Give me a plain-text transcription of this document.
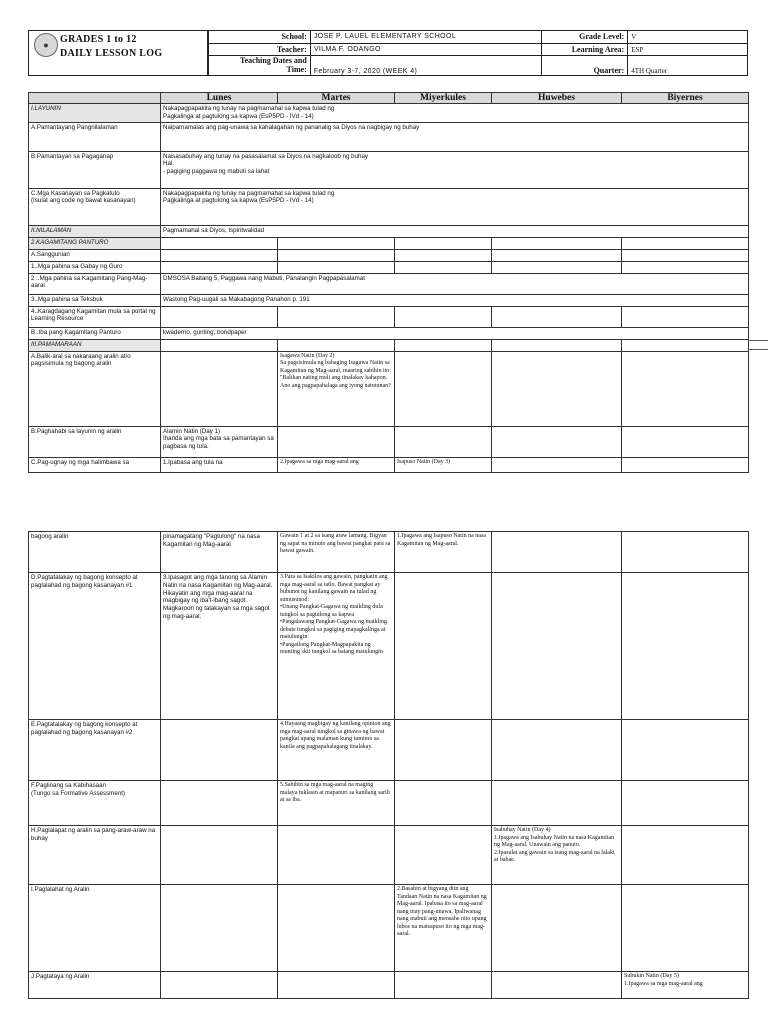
●	GRADES 1 to 12
DAILY LESSON LOG
School:	JOSE P. LAUEL ELEMENTARY SCHOOL	Grade Level:	V
Teacher:	VILMA F. ODANGO	Learning Area:	ESP
Teaching Dates and
Time:	February 3-7, 2020 (WEEK 4)	Quarter:	4TH Quarter
	Lunes	Martes	Miyerkules	Huwebes	Biyernes
I.LAYUNIN	Nakapagpapakita ng tunay na pagmamahal sa kapwa tulad ng
Pagkalinga at pagtulong sa kapwa (EsP5PD - IVd - 14)				
A.Pamantayang Pangnilalaman	Naipamamalas ang pag-unawa sa kahalagahan ng pananalig sa Diyos na nagbigay ng buhay				
B.Pamantayan sa Pagaganap	Naisasabuhay ang tunay na pasasalamat sa Diyos na nagkaloob ng buhay
Hal.
- pagiging paggawa ng mabuti sa lahat				
C.Mga Kasanayan sa Pagkatuto
(Isulat ang code ng bawat kasanayan)	Nakapagpapakita ng tunay na pagmamahal sa kapwa tulad ng
Pagkalinga at pagtulong sa kapwa (EsP5PD - IVd - 14)				
II.NILALAMAN	Pagmamahal sa Diyos, Ispiritwalidad				
2.KAGAMITANG PANTURO					
A.Sanggunian					
1..Mga pahina sa Gabay ng Guro					
2 ..Mga pahina sa Kagamitang Pang-Mag-aaral	DMSOSA Baitang 5, Paggawa nang Mabuti, Panalangin Pagpapasalamat				
3..Mga pahina sa Teksbuk	Wastong Pag-uugali sa Makabagong Panahon p. 191				
4..Karagdagang Kagamitan mula sa portal ng Learning Resource					
B..Iba pang Kagamitang Panturo	kwaderno, gunting, bondpaper				
III.PAMAMARAAN					
A.Balik-aral sa nakaraang aralin at/o pagsisimula ng bagong aralin		Isagawa Natin (Day 2)
Sa pagsisimula ng bahaging Isagawa Natin sa Kagamitan ng Mag-aaral, maaring sabihin ito: "Balikan nating muli ang tinalakay kahapon. Ano ang pagpapahalaga ang iyong natutunan?			
B.Paghahabi sa layunin ng aralin	Alamin Natin (Day 1)
Ihanda ang mga bata sa pamantayan sa pagbasa ng tula.				
C.Pag-ugnay ng mga halimbawa sa	1.Ipabasa ang tula na	2.Ipagawa sa mga mag-aaral ang	Isapuso Natin (Day 3)		
bagong aralin	pinamagatang "Pagtulong" na nasa Kagamitan ng Mag-aaral	Gawain 1 at 2 sa isang araw lamang. Bigyan ng sapat na minuto ang bawat pangkat para sa bawat gawain.	1.Ipagawa ang Isapuso Natin na nasa Kagamitan ng Mag-aaral.		
D.Pagtatalakay ng bagong konsepto at paglalahad ng bagong kasanayan #1	3.Ipasagot ang mga tanong sa Alamin Natin na nasa Kagamitan ng Mag-aaral. Hikayatin ang mga mag-aaral na magbigay ng iba't-ibang sagot. Magkaroon ng talakayan sa mga sagot ng mag-aaral.	3.Para sa Isakilos ang gawain, pangkatin ang mga mag-aaral sa tatlo. Bawat pangkat ay bubunot ng kanilang gawain na tulad ng sumusunod:
•Unang Pangkat-Gagawa ng maikling dula tungkol sa pagtulong sa kapwa
•Pangalawang Pangkat-Gagawa ng maikling debate tungkol sa pagiging mapagkalinga at matulungin
•Pangatlong Pangkat-Magpapakita ng munting skit tungkol sa batang matulungin			
E.Pagtatalakay ng bagong konsepto at paglalahad ng bagong kasanayan #2		4.Hayaang magbigay ng kanilang opinion ang mga mag-aaral tungkol sa ginawa ng bawat pangkat upang malaman kung tumimo sa kanila ang pagpapahalagang tinalakay.			
F.Paglinang sa Kabihasaan
(Tungo sa Formative Assessment)		5.Sabihin sa mga mag-aaral na maging malaya tuklasin at mapanuri sa kanilang sarili at sa iba.			
H.Paglalapat ng aralin sa pang-araw-araw na buhay				Isabuhay Natin (Day 4)
1.Ipagawa ang Isabuhay Natin na nasa Kagamitan ng Mag-aaral. Unawain ang panuto.
2.Ipasulat ang gawain sa isang mag-aaral na lalaki at babae.	
I.Paglalahat ng Aralin			2.Basahin at bigyang diin ang Tandaan Natin na nasa Kagamitan ng Mag-aaral. Ipabasa ito sa mag-aaral nang may pang-unawa. Ipaliwanag nang mabuti ang mensahe nito upang lubos na maisapuso ito ng mga mag-aaral.		
J.Pagtataya ng Aralin					Subukin Natin (Day 5)
1.Ipagawa sa mga mag-aaral ang
